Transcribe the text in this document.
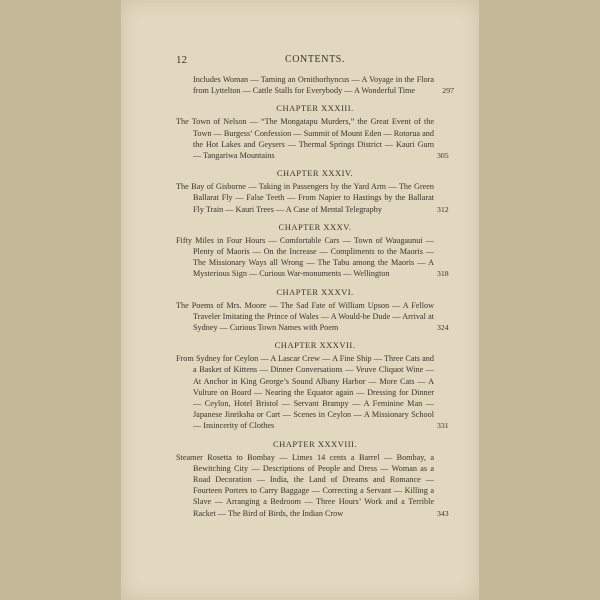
12	CONTENTS.
Includes Woman — Taming an Ornithorhyncus — A Voyage in the Flora from Lyttelton — Cattle Stalls for Everybody — A Wonderful Time	297
CHAPTER XXXIII.
The Town of Nelson — “The Mongatapu Murders,” the Great Event of the Town — Burgess’ Confession — Summit of Mount Eden — Rotorua and the Hot Lakes and Geysers — Thermal Springs District — Kauri Gum — Tangariwa Mountains	305
CHAPTER XXXIV.
The Bay of Gisborne — Taking in Passengers by the Yard Arm — The Green Ballarat Fly — False Teeth — From Napier to Hastings by the Ballarat Fly Train — Kauri Trees — A Case of Mental Telegraphy	312
CHAPTER XXXV.
Fifty Miles in Four Hours — Comfortable Cars — Town of Waugaunui — Plenty of Maoris — On the Increase — Compliments to the Maoris — The Missionary Ways all Wrong — The Tabu among the Maoris — A Mysterious Sign — Curious War-monuments — Wellington	318
CHAPTER XXXVI.
The Poems of Mrs. Moore — The Sad Fate of William Upson — A Fellow Traveler Imitating the Prince of Wales — A Would-be Dude — Arrival at Sydney — Curious Town Names with Poem	324
CHAPTER XXXVII.
From Sydney for Ceylon — A Lascar Crew — A Fine Ship — Three Cats and a Basket of Kittens — Dinner Conversations — Veuve Cliquot Wine — At Anchor in King George’s Sound Albany Harbor — More Cats — A Vulture on Board — Nearing the Equator again — Dressing for Dinner — Ceylon, Hotel Bristol — Servant Brampy — A Feminine Man — Japanese Jinriksha or Cart — Scenes in Ceylon — A Missionary School — Insincerity of Clothes	331
CHAPTER XXXVIII.
Steamer Rosetta to Bombay — Limes 14 cents a Barrel — Bombay, a Bewitching City — Descriptions of People and Dress — Woman as a Road Decoration — India, the Land of Dreams and Romance — Fourteen Porters to Carry Baggage — Correcting a Servant — Killing a Slave — Arranging a Bedroom — Three Hours’ Work and a Terrible Racket — The Bird of Birds, the Indian Crow	343
